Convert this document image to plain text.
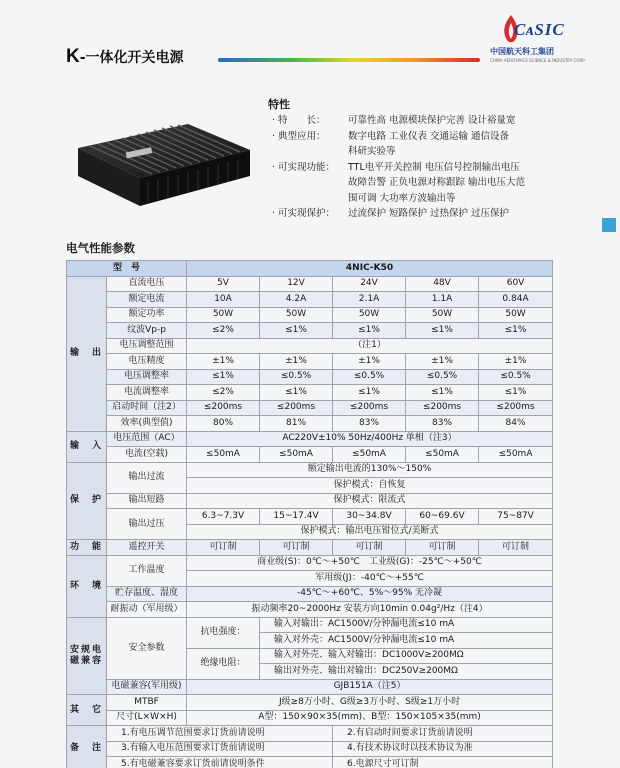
CᴀSIC
中国航天科工集团
CHINA AEROSPACE SCIENCE & INDUSTRY CORP
K-一体化开关电源
特性
· 特　　长： 可靠性高 电源模块保护完善 设计裕量宽
· 典型应用： 数字电路 工业仪表 交通运输 通信设备
科研实验等
· 可实现功能： TTL电平开关控制 电压信号控制输出电压
故障告警 正负电源对称跟踪 输出电压大范
围可调 大功率方波输出等
· 可实现保护： 过流保护 短路保护 过热保护 过压保护
电气性能参数
型　号		4NIC-K50				
输　出	直流电压	5V	12V	24V	48V	60V
	额定电流	10A	4.2A	2.1A	1.1A	0.84A
	额定功率	50W	50W	50W	50W	50W
	纹波Vp-p	≤2%	≤1%	≤1%	≤1%	≤1%
	电压调整范围	（注1）				
	电压精度	±1%	±1%	±1%	±1%	±1%
	电压调整率	≤1%	≤0.5%	≤0.5%	≤0.5%	≤0.5%
	电流调整率	≤2%	≤1%	≤1%	≤1%	≤1%
	启动时间（注2）	≤200ms	≤200ms	≤200ms	≤200ms	≤200ms
	效率(典型值)	80%	81%	83%	83%	84%
输　入	电压范围（AC）	AC220V±10% 50Hz/400Hz 单相（注3）				
	电流(空载)	≤50mA	≤50mA	≤50mA	≤50mA	≤50mA
保　护	输出过流	额定输出电流的130%～150%				
		保护模式：自恢复				
	输出短路	保护模式：限流式				
	输出过压	6.3~7.3V	15~17.4V	30~34.8V	60~69.6V	75~87V
		保护模式：输出电压钳位式/美断式				
功　能	遥控开关	可订制	可订制	可订制	可订制	可订制
环　境	工作温度	商业级(S)：0℃～+50℃　工业级(G)：-25℃～+50℃				
		军用级(J)：-40℃～+55℃				
	贮存温度、湿度	-45℃～+60℃、5%～95% 无冷凝				
	耐振动（军用级）	振动频率20~2000Hz 安装方向10min 0.04g²/Hz（注4）				
安规电磁兼容	安全参数	抗电强度：	输入对输出：AC1500V/分钟漏电流≤10 mA			
			输入对外壳：AC1500V/分钟漏电流≤10 mA			
		绝缘电阻：	输入对外壳、输入对输出：DC1000V≥200MΩ			
			输出对外壳、输出对输出：DC250V≥200MΩ			
	电磁兼容(军用级)	GJB151A（注5）				
其　它	MTBF	J级≥8万小时、G级≥3万小时、S级≥1万小时				
	尺寸(L×W×H)	A型：150×90×35(mm)、B型：150×105×35(mm)				
备　注	1.有电压调节范围要求订货前请说明			2.有启动时间要求订货前请说明		
	3.有输入电压范围要求订货前请说明			4.有技术协议时以技术协议为准		
	5.有电磁兼容要求订货前请说明条件			6.电源尺寸可订制		
